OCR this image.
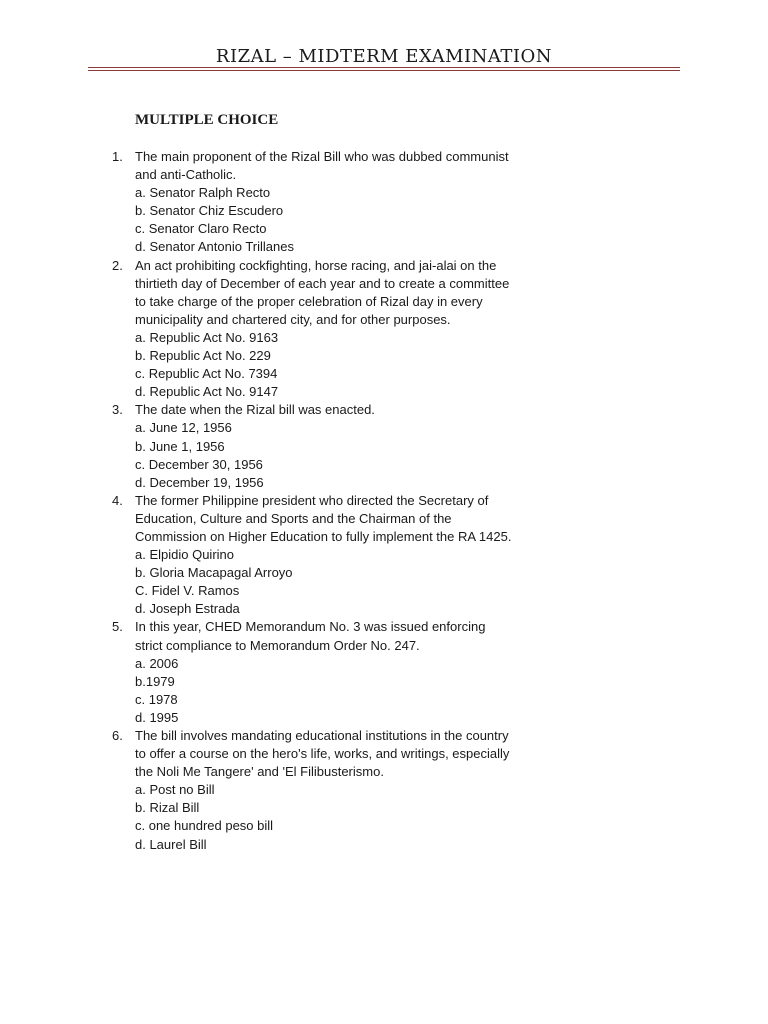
RIZAL – MIDTERM EXAMINATION
MULTIPLE CHOICE
1. The main proponent of the Rizal Bill who was dubbed communist and anti-Catholic.
a. Senator Ralph Recto
b. Senator Chiz Escudero
c. Senator Claro Recto
d. Senator Antonio Trillanes
2. An act prohibiting cockfighting, horse racing, and jai-alai on the thirtieth day of December of each year and to create a committee to take charge of the proper celebration of Rizal day in every municipality and chartered city, and for other purposes.
a. Republic Act No. 9163
b. Republic Act No. 229
c. Republic Act No. 7394
d. Republic Act No. 9147
3. The date when the Rizal bill was enacted.
a. June 12, 1956
b. June 1, 1956
c. December 30, 1956
d. December 19, 1956
4. The former Philippine president who directed the Secretary of Education, Culture and Sports and the Chairman of the Commission on Higher Education to fully implement the RA 1425.
a. Elpidio Quirino
b. Gloria Macapagal Arroyo
C. Fidel V. Ramos
d. Joseph Estrada
5. In this year, CHED Memorandum No. 3 was issued enforcing strict compliance to Memorandum Order No. 247.
a. 2006
b.1979
c. 1978
d. 1995
6. The bill involves mandating educational institutions in the country to offer a course on the hero's life, works, and writings, especially the Noli Me Tangere' and 'El Filibusterismo.
a. Post no Bill
b. Rizal Bill
c. one hundred peso bill
d. Laurel Bill
